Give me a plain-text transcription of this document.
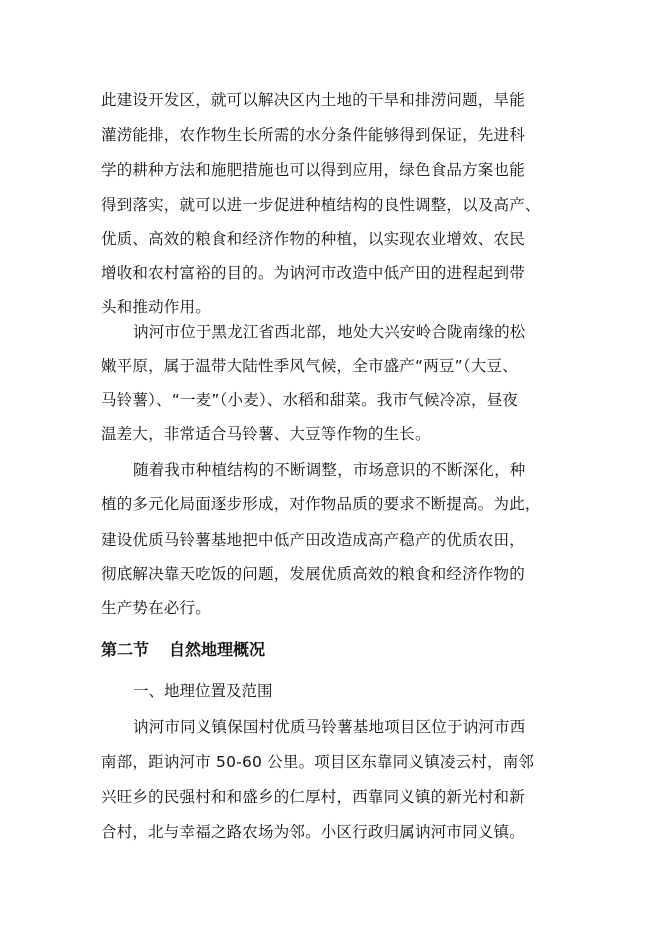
此建设开发区，就可以解决区内土地的干旱和排涝问题，旱能
灌涝能排，农作物生长所需的水分条件能够得到保证，先进科
学的耕种方法和施肥措施也可以得到应用，绿色食品方案也能
得到落实，就可以进一步促进种植结构的良性调整，以及高产、
优质、高效的粮食和经济作物的种植，以实现农业增效、农民
增收和农村富裕的目的。为讷河市改造中低产田的进程起到带
头和推动作用。
讷河市位于黑龙江省西北部，地处大兴安岭合陇南缘的松
嫩平原，属于温带大陆性季风气候，全市盛产“两豆”（大豆、
马铃薯）、“一麦”（小麦）、水稻和甜菜。我市气候冷凉，昼夜
温差大，非常适合马铃薯、大豆等作物的生长。
随着我市种植结构的不断调整，市场意识的不断深化，种
植的多元化局面逐步形成，对作物品质的要求不断提高。为此，
建设优质马铃薯基地把中低产田改造成高产稳产的优质农田，
彻底解决靠天吃饭的问题，发展优质高效的粮食和经济作物的
生产势在必行。
第二节 自然地理概况
一、地理位置及范围
讷河市同义镇保国村优质马铃薯基地项目区位于讷河市西
南部，距讷河市 50-60 公里。项目区东靠同义镇凌云村，南邻
兴旺乡的民强村和和盛乡的仁厚村，西靠同义镇的新光村和新
合村，北与幸福之路农场为邻。小区行政归属讷河市同义镇。
